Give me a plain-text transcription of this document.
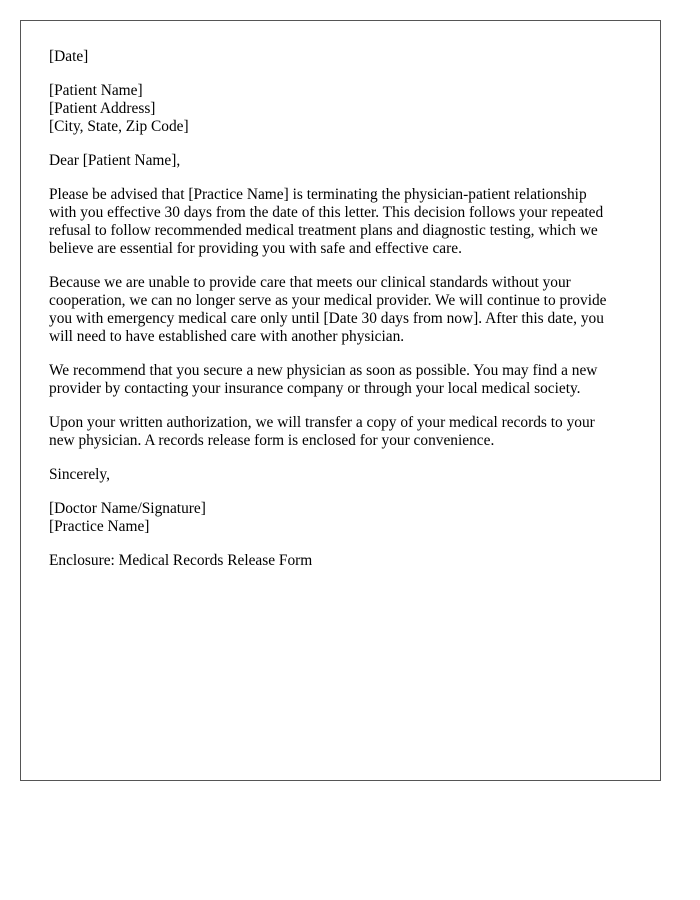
[Date]
[Patient Name]
[Patient Address]
[City, State, Zip Code]
Dear [Patient Name],
Please be advised that [Practice Name] is terminating the physician-patient relationship
with you effective 30 days from the date of this letter. This decision follows your repeated
refusal to follow recommended medical treatment plans and diagnostic testing, which we
believe are essential for providing you with safe and effective care.
Because we are unable to provide care that meets our clinical standards without your
cooperation, we can no longer serve as your medical provider. We will continue to provide
you with emergency medical care only until [Date 30 days from now]. After this date, you
will need to have established care with another physician.
We recommend that you secure a new physician as soon as possible. You may find a new
provider by contacting your insurance company or through your local medical society.
Upon your written authorization, we will transfer a copy of your medical records to your
new physician. A records release form is enclosed for your convenience.
Sincerely,
[Doctor Name/Signature]
[Practice Name]
Enclosure: Medical Records Release Form
